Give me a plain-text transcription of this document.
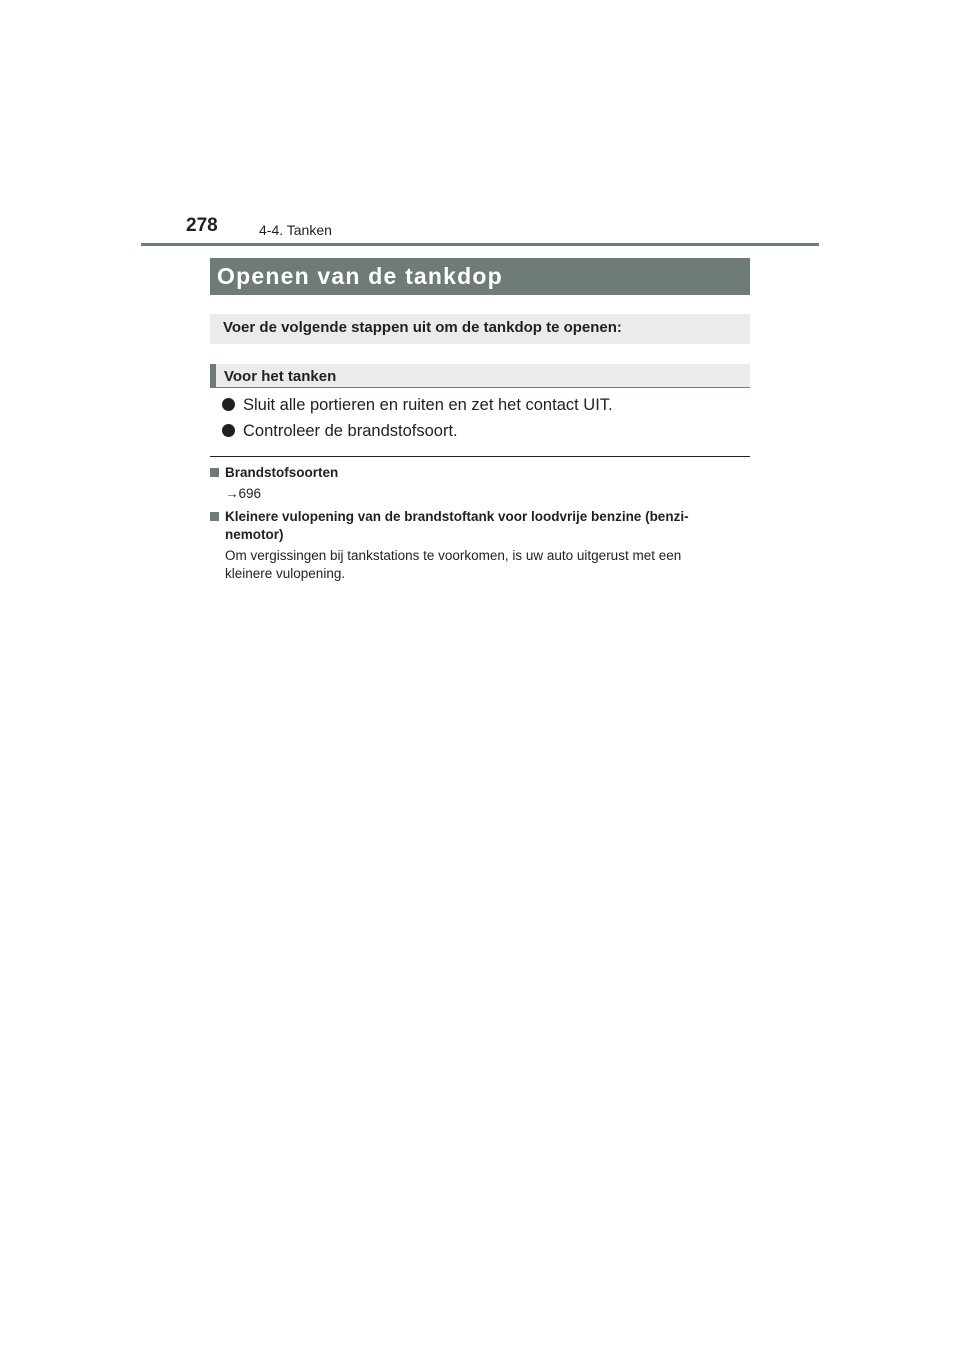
278	4-4. Tanken
Openen van de tankdop
Voer de volgende stappen uit om de tankdop te openen:
Voor het tanken
Sluit alle portieren en ruiten en zet het contact UIT.
Controleer de brandstofsoort.
Brandstofsoorten
→696
Kleinere vulopening van de brandstoftank voor loodvrije benzine (benzi-
nemotor)
Om vergissingen bij tankstations te voorkomen, is uw auto uitgerust met een
kleinere vulopening.
